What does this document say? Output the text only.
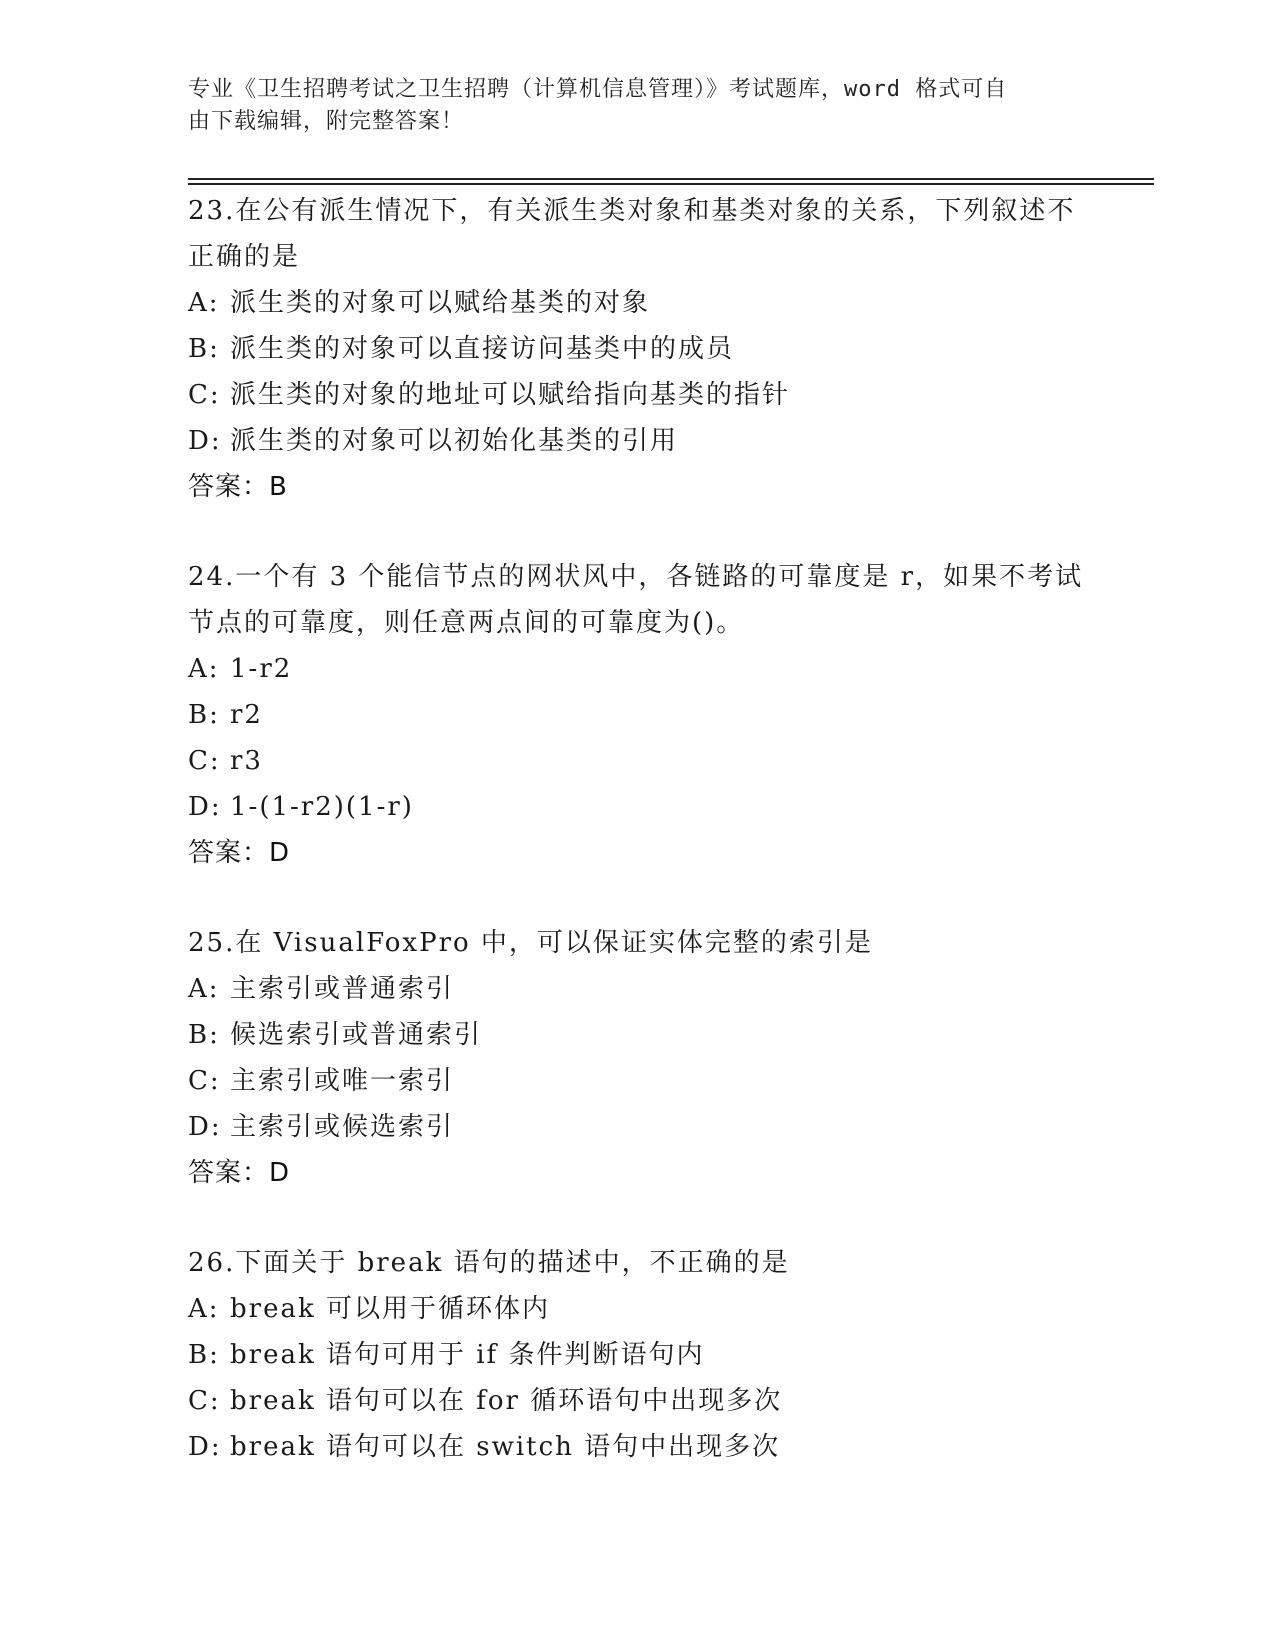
专业《卫生招聘考试之卫生招聘（计算机信息管理）》考试题库，word 格式可自

由下载编辑，附完整答案！

23.在公有派生情况下，有关派生类对象和基类对象的关系，下列叙述不正确的是

A: 派生类的对象可以赋给基类的对象

B: 派生类的对象可以直接访问基类中的成员

C: 派生类的对象的地址可以赋给指向基类的指针

D: 派生类的对象可以初始化基类的引用

答案：B

24.一个有 3 个能信节点的网状风中，各链路的可靠度是 r，如果不考试节点的可靠度，则任意两点间的可靠度为()。

A: 1-r2

B: r2

C: r3

D: 1-(1-r2)(1-r)

答案：D

25.在 VisualFoxPro 中，可以保证实体完整的索引是

A: 主索引或普通索引

B: 候选索引或普通索引

C: 主索引或唯一索引

D: 主索引或候选索引

答案：D

26.下面关于 break 语句的描述中，不正确的是

A: break 可以用于循环体内

B: break 语句可用于 if 条件判断语句内

C: break 语句可以在 for 循环语句中出现多次

D: break 语句可以在 switch 语句中出现多次
